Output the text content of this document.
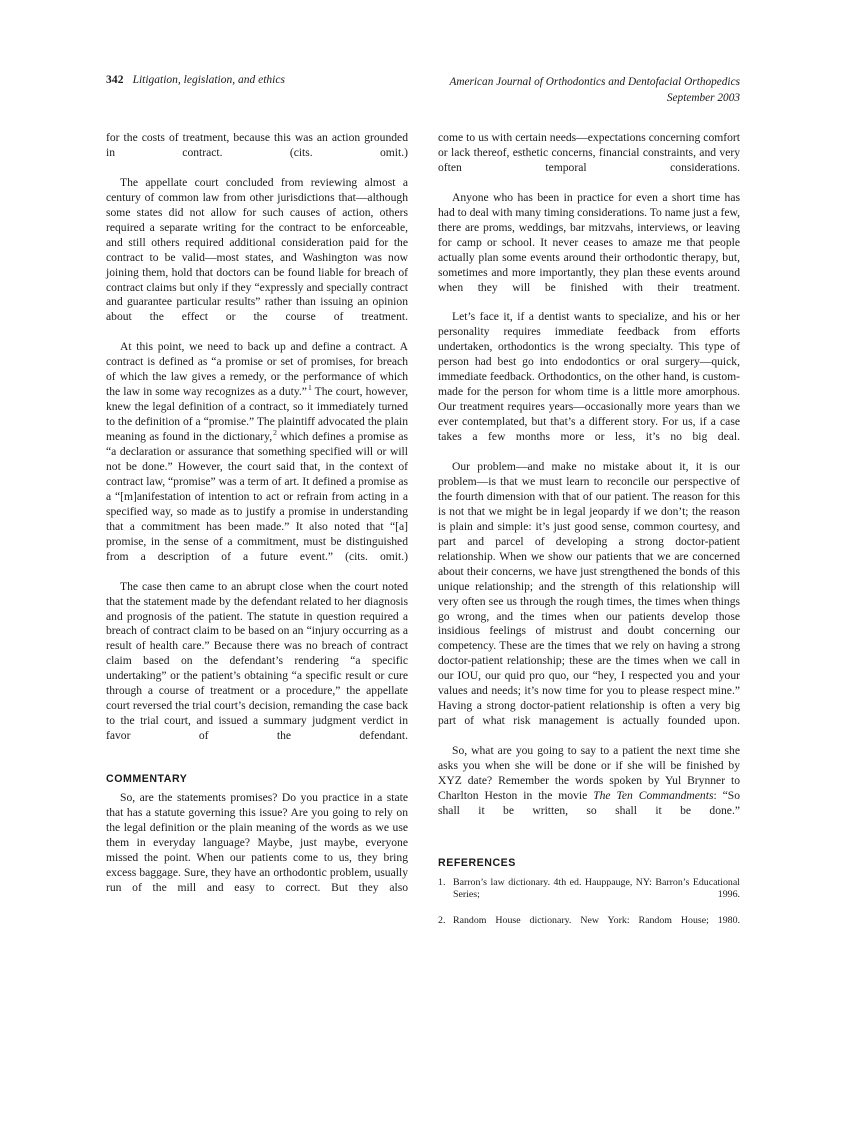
342 Litigation, legislation, and ethics	American Journal of Orthodontics and Dentofacial Orthopedics
September 2003

for the costs of treatment, because this was an action grounded in contract. (cits. omit.)

The appellate court concluded from reviewing almost a century of common law from other jurisdictions that—although some states did not allow for such causes of action, others required a separate writing for the contract to be enforceable, and still others required additional consideration paid for the contract to be valid—most states, and Washington was now joining them, hold that doctors can be found liable for breach of contract claims but only if they “expressly and specially contract and guarantee particular results” rather than issuing an opinion about the effect or the course of treatment.

At this point, we need to back up and define a contract. A contract is defined as “a promise or set of promises, for breach of which the law gives a remedy, or the performance of which the law in some way recognizes as a duty.”$^1$ The court, however, knew the legal definition of a contract, so it immediately turned to the definition of a “promise.” The plaintiff advocated the plain meaning as found in the dictionary,$^2$ which defines a promise as “a declaration or assurance that something specified will or will not be done.” However, the court said that, in the context of contract law, “promise” was a term of art. It defined a promise as a “[m]anifestation of intention to act or refrain from acting in a specified way, so made as to justify a promise in understanding that a commitment has been made.” It also noted that “[a] promise, in the sense of a commitment, must be distinguished from a description of a future event.” (cits. omit.)

The case then came to an abrupt close when the court noted that the statement made by the defendant related to her diagnosis and prognosis of the patient. The statute in question required a breach of contract claim to be based on an “injury occurring as a result of health care.” Because there was no breach of contract claim based on the defendant’s rendering “a specific undertaking” or the patient’s obtaining “a specific result or cure through a course of treatment or a procedure,” the appellate court reversed the trial court’s decision, remanding the case back to the trial court, and issued a summary judgment verdict in favor of the defendant.

COMMENTARY

So, are the statements promises? Do you practice in a state that has a statute governing this issue? Are you going to rely on the legal definition or the plain meaning of the words as we use them in everyday language? Maybe, just maybe, everyone missed the point. When our patients come to us, they bring excess baggage. Sure, they have an orthodontic problem, usually run of the mill and easy to correct. But they also

come to us with certain needs—expectations concerning comfort or lack thereof, esthetic concerns, financial constraints, and very often temporal considerations.

Anyone who has been in practice for even a short time has had to deal with many timing considerations. To name just a few, there are proms, weddings, bar mitzvahs, interviews, or leaving for camp or school. It never ceases to amaze me that people actually plan some events around their orthodontic therapy, but, sometimes and more importantly, they plan these events around when they will be finished with their treatment.

Let’s face it, if a dentist wants to specialize, and his or her personality requires immediate feedback from efforts undertaken, orthodontics is the wrong specialty. This type of person had best go into endodontics or oral surgery—quick, immediate feedback. Orthodontics, on the other hand, is custom-made for the person for whom time is a little more amorphous. Our treatment requires years—occasionally more years than we ever contemplated, but that’s a different story. For us, if a case takes a few months more or less, it’s no big deal.

Our problem—and make no mistake about it, it is our problem—is that we must learn to reconcile our perspective of the fourth dimension with that of our patient. The reason for this is not that we might be in legal jeopardy if we don’t; the reason is plain and simple: it’s just good sense, common courtesy, and part and parcel of developing a strong doctor-patient relationship. When we show our patients that we are concerned about their concerns, we have just strengthened the bonds of this unique relationship; and the strength of this relationship will very often see us through the rough times, the times when things go wrong, and the times when our patients develop those insidious feelings of mistrust and doubt concerning our competency. These are the times that we rely on having a strong doctor-patient relationship; these are the times when we call in our IOU, our quid pro quo, our “hey, I respected you and your values and needs; it’s now time for you to please respect mine.” Having a strong doctor-patient relationship is often a very big part of what risk management is actually founded upon.

So, what are you going to say to a patient the next time she asks you when she will be done or if she will be finished by XYZ date? Remember the words spoken by Yul Brynner to Charlton Heston in the movie The Ten Commandments: “So shall it be written, so shall it be done.”

REFERENCES
1. Barron’s law dictionary. 4th ed. Hauppauge, NY: Barron’s Educational Series; 1996.
2. Random House dictionary. New York: Random House; 1980.
